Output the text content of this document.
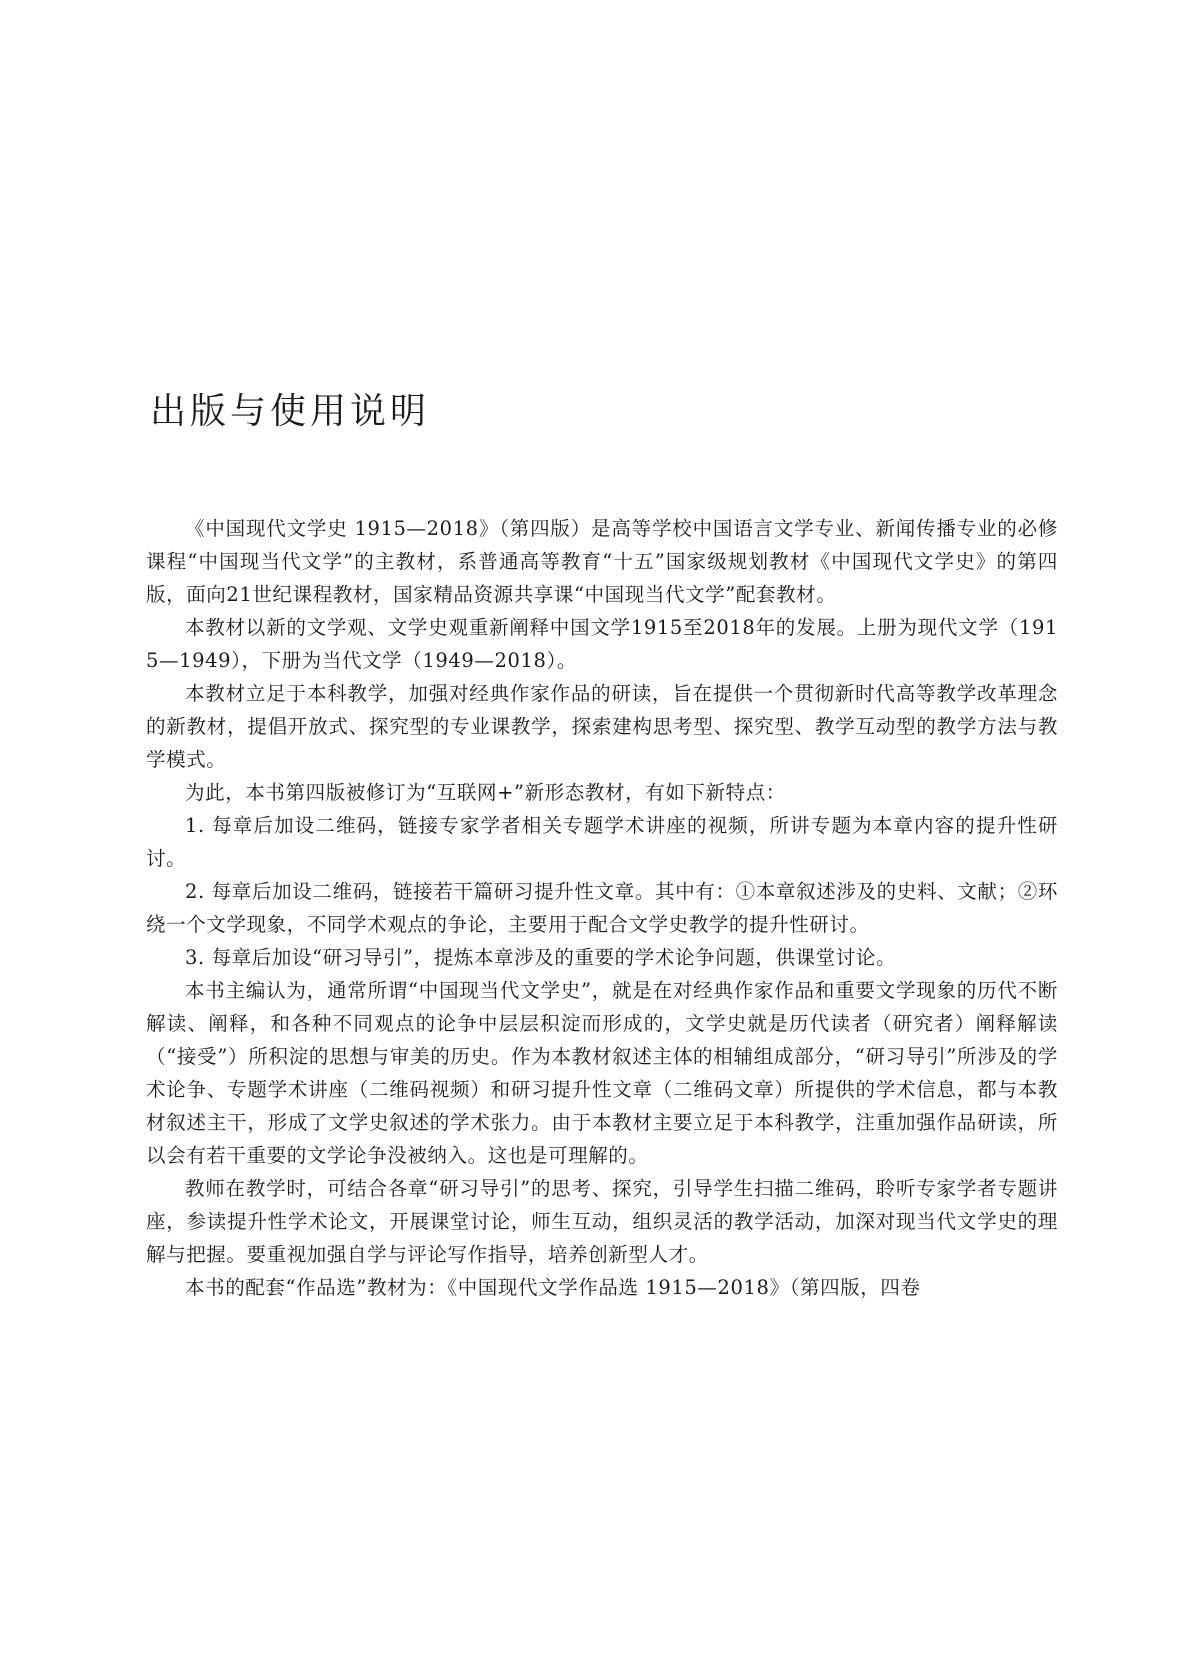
出版与使用说明

《中国现代文学史 1915—2018》（第四版）是高等学校中国语言文学专业、新闻传播专业的必修课程“中国现当代文学”的主教材，系普通高等教育“十五”国家级规划教材《中国现代文学史》的第四版，面向21世纪课程教材，国家精品资源共享课“中国现当代文学”配套教材。

本教材以新的文学观、文学史观重新阐释中国文学1915至2018年的发展。上册为现代文学（1915—1949），下册为当代文学（1949—2018）。

本教材立足于本科教学，加强对经典作家作品的研读，旨在提供一个贯彻新时代高等教学改革理念的新教材，提倡开放式、探究型的专业课教学，探索建构思考型、探究型、教学互动型的教学方法与教学模式。

为此，本书第四版被修订为“互联网+”新形态教材，有如下新特点：

1. 每章后加设二维码，链接专家学者相关专题学术讲座的视频，所讲专题为本章内容的提升性研讨。

2. 每章后加设二维码，链接若干篇研习提升性文章。其中有：①本章叙述涉及的史料、文献；②环绕一个文学现象，不同学术观点的争论，主要用于配合文学史教学的提升性研讨。

3. 每章后加设“研习导引”，提炼本章涉及的重要的学术论争问题，供课堂讨论。

本书主编认为，通常所谓“中国现当代文学史”，就是在对经典作家作品和重要文学现象的历代不断解读、阐释，和各种不同观点的论争中层层积淀而形成的，文学史就是历代读者（研究者）阐释解读（“接受”）所积淀的思想与审美的历史。作为本教材叙述主体的相辅组成部分，“研习导引”所涉及的学术论争、专题学术讲座（二维码视频）和研习提升性文章（二维码文章）所提供的学术信息，都与本教材叙述主干，形成了文学史叙述的学术张力。由于本教材主要立足于本科教学，注重加强作品研读，所以会有若干重要的文学论争没被纳入。这也是可理解的。

教师在教学时，可结合各章“研习导引”的思考、探究，引导学生扫描二维码，聆听专家学者专题讲座，参读提升性学术论文，开展课堂讨论，师生互动，组织灵活的教学活动，加深对现当代文学史的理解与把握。要重视加强自学与评论写作指导，培养创新型人才。

本书的配套“作品选”教材为：《中国现代文学作品选 1915—2018》（第四版，四卷
